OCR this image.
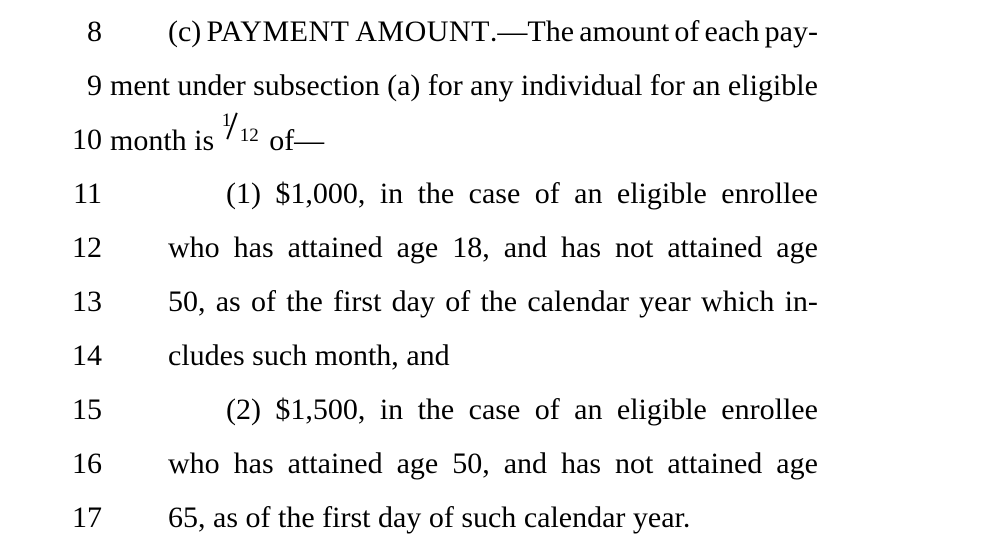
8 (c) PAYMENT AMOUNT.—The amount of each pay-
9 ment under subsection (a) for any individual for an eligible
10 month is
1
12 of—
11	(1) $1,000, in the case of an eligible enrollee
12 who has attained age 18, and has not attained age
13 50, as of the first day of the calendar year which in-
14 cludes such month, and
15	(2) $1,500, in the case of an eligible enrollee
16 who has attained age 50, and has not attained age
17 65, as of the first day of such calendar year.
